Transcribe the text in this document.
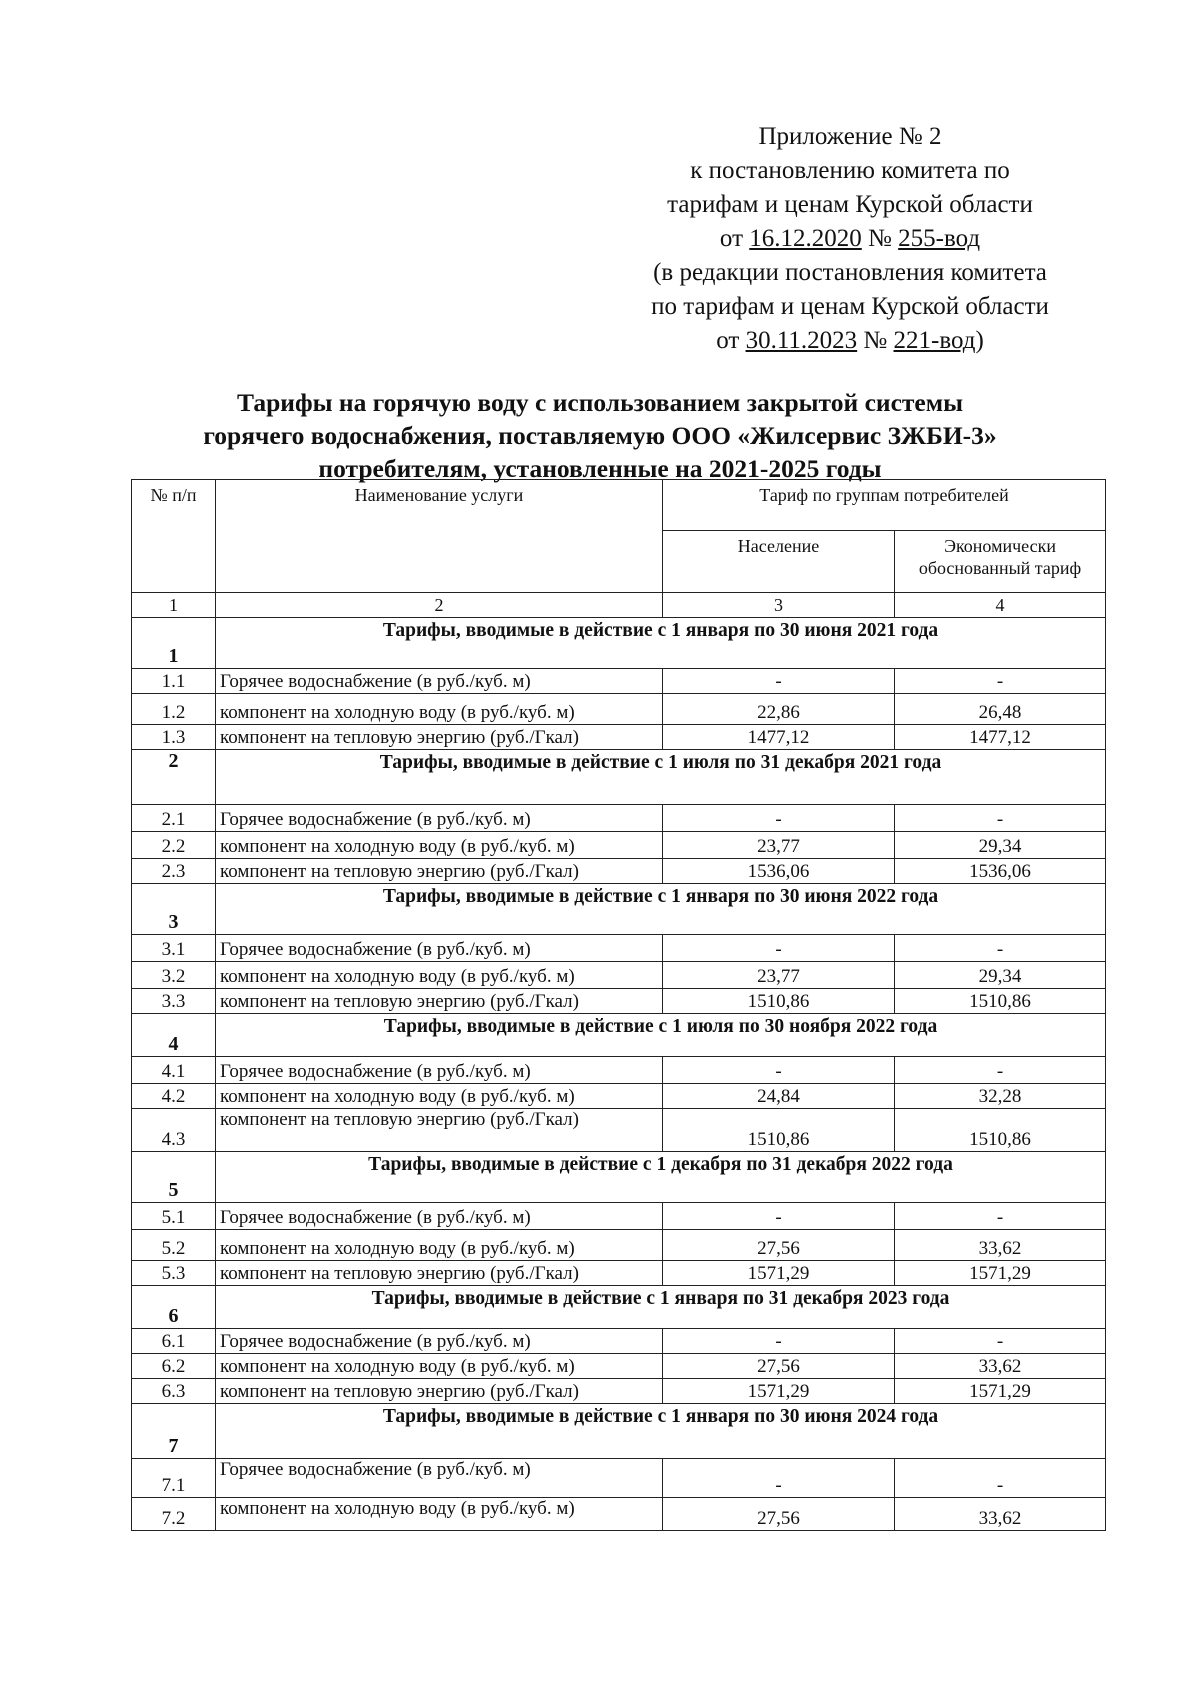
Приложение № 2
к постановлению комитета по
тарифам и ценам Курской области
от 16.12.2020 № 255-вод
(в редакции постановления комитета
по тарифам и ценам Курской области
от 30.11.2023 № 221-вод)
Тарифы на горячую воду с использованием закрытой системы
горячего водоснабжения, поставляемую ООО «Жилсервис ЗЖБИ-3»
потребителям, установленные на 2021-2025 годы
№ п/п	Наименование услуги	Тариф по группам потребителей	
		Население	Экономически обоснованный тариф
1	2	3	4
1	Тарифы, вводимые в действие с 1 января по 30 июня 2021 года		
1.1	Горячее водоснабжение (в руб./куб. м)	-	-
1.2	компонент на холодную воду (в руб./куб. м)	22,86	26,48
1.3	компонент на тепловую энергию (руб./Гкал)	1477,12	1477,12
2	Тарифы, вводимые в действие с 1 июля по 31 декабря 2021 года		
2.1	Горячее водоснабжение (в руб./куб. м)	-	-
2.2	компонент на холодную воду (в руб./куб. м)	23,77	29,34
2.3	компонент на тепловую энергию (руб./Гкал)	1536,06	1536,06
3	Тарифы, вводимые в действие с 1 января по 30 июня 2022 года		
3.1	Горячее водоснабжение (в руб./куб. м)	-	-
3.2	компонент на холодную воду (в руб./куб. м)	23,77	29,34
3.3	компонент на тепловую энергию (руб./Гкал)	1510,86	1510,86
4	Тарифы, вводимые в действие с 1 июля по 30 ноября 2022 года		
4.1	Горячее водоснабжение (в руб./куб. м)	-	-
4.2	компонент на холодную воду (в руб./куб. м)	24,84	32,28
4.3	компонент на тепловую энергию (руб./Гкал)	1510,86	1510,86
5	Тарифы, вводимые в действие с 1 декабря по 31 декабря 2022 года		
5.1	Горячее водоснабжение (в руб./куб. м)	-	-
5.2	компонент на холодную воду (в руб./куб. м)	27,56	33,62
5.3	компонент на тепловую энергию (руб./Гкал)	1571,29	1571,29
6	Тарифы, вводимые в действие с 1 января по 31 декабря 2023 года		
6.1	Горячее водоснабжение (в руб./куб. м)	-	-
6.2	компонент на холодную воду (в руб./куб. м)	27,56	33,62
6.3	компонент на тепловую энергию (руб./Гкал)	1571,29	1571,29
7	Тарифы, вводимые в действие с 1 января по 30 июня 2024 года		
7.1	Горячее водоснабжение (в руб./куб. м)	-	-
7.2	компонент на холодную воду (в руб./куб. м)	27,56	33,62
